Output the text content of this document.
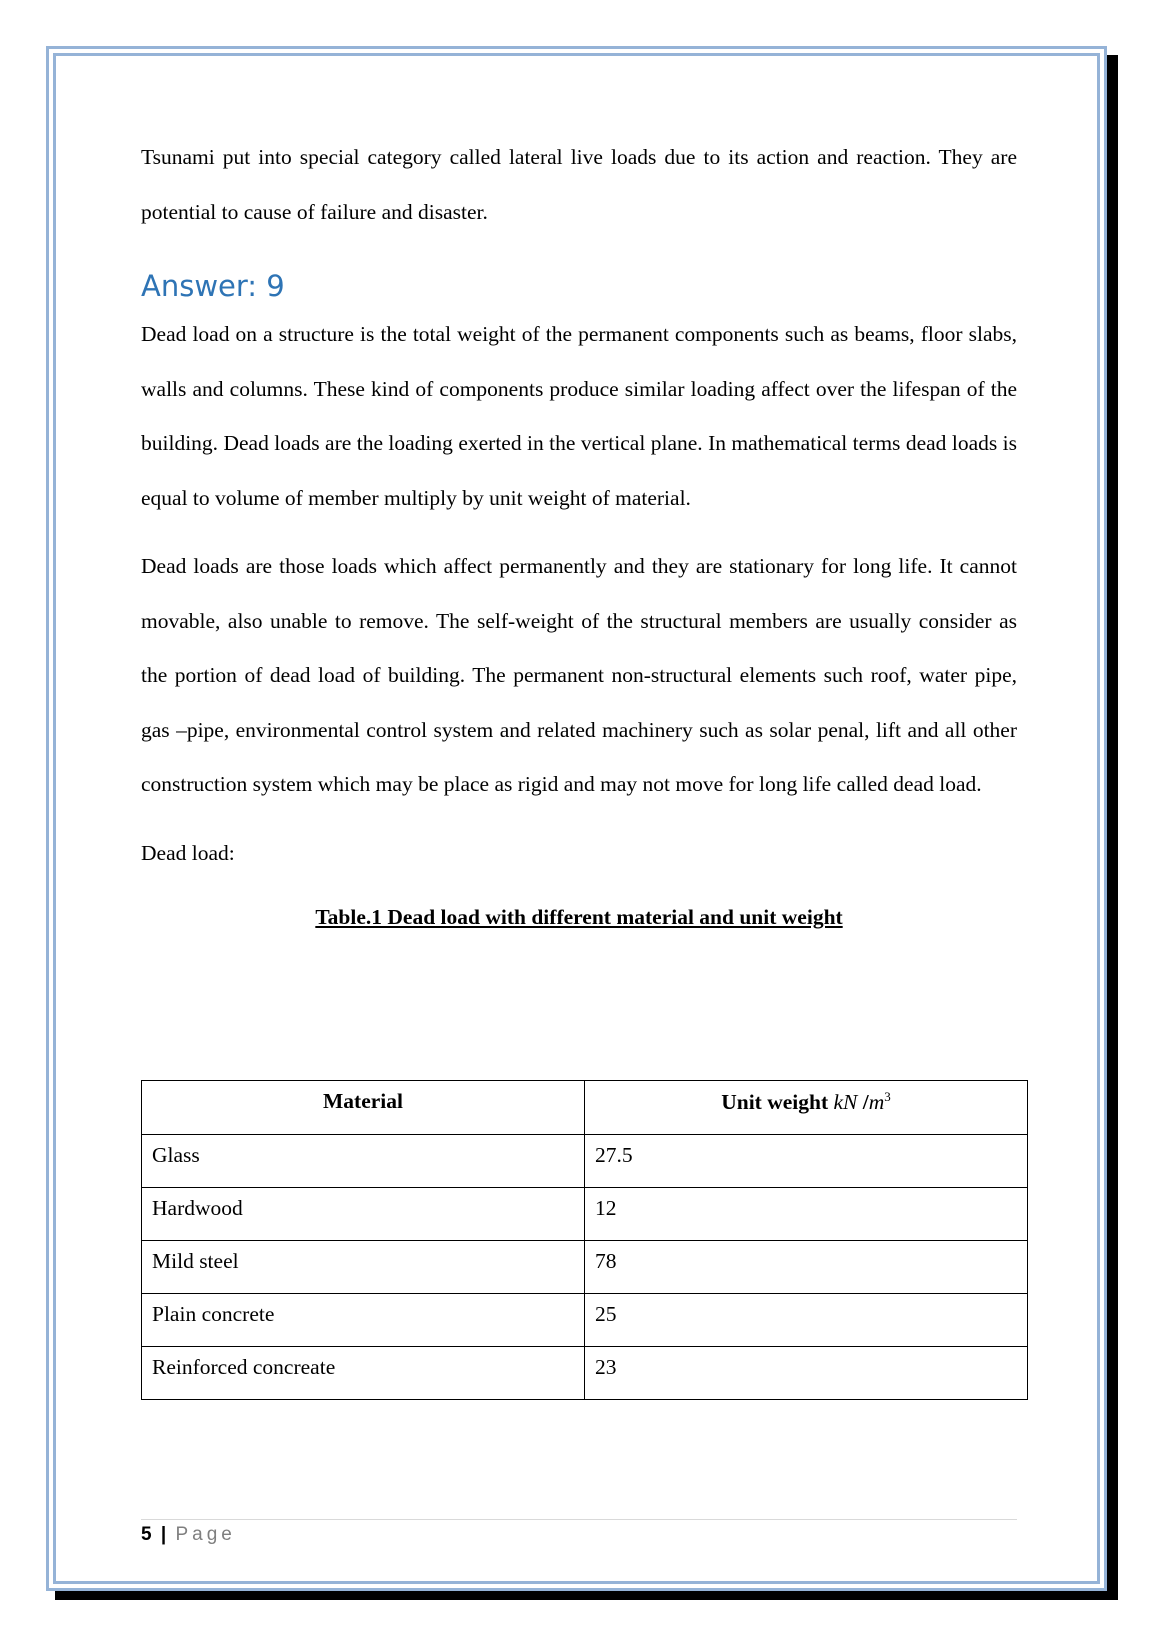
Tsunami put into special category called lateral live loads due to its action and reaction. They are potential to cause of failure and disaster.

Answer: 9

Dead load on a structure is the total weight of the permanent components such as beams, floor slabs, walls and columns. These kind of components produce similar loading affect over the lifespan of the building. Dead loads are the loading exerted in the vertical plane. In mathematical terms dead loads is equal to volume of member multiply by unit weight of material.

Dead loads are those loads which affect permanently and they are stationary for long life. It cannot movable, also unable to remove. The self-weight of the structural members are usually consider as the portion of dead load of building. The permanent non-structural elements such roof, water pipe, gas –pipe, environmental control system and related machinery such as solar penal, lift and all other construction system which may be place as rigid and may not move for long life called dead load.

Dead load:

Table.1 Dead load with different material and unit weight

Material	Unit weight kN $/m^3$
Glass	27.5
Hardwood	12
Mild steel	78
Plain concrete	25
Reinforced concreate	23
5 | Page
